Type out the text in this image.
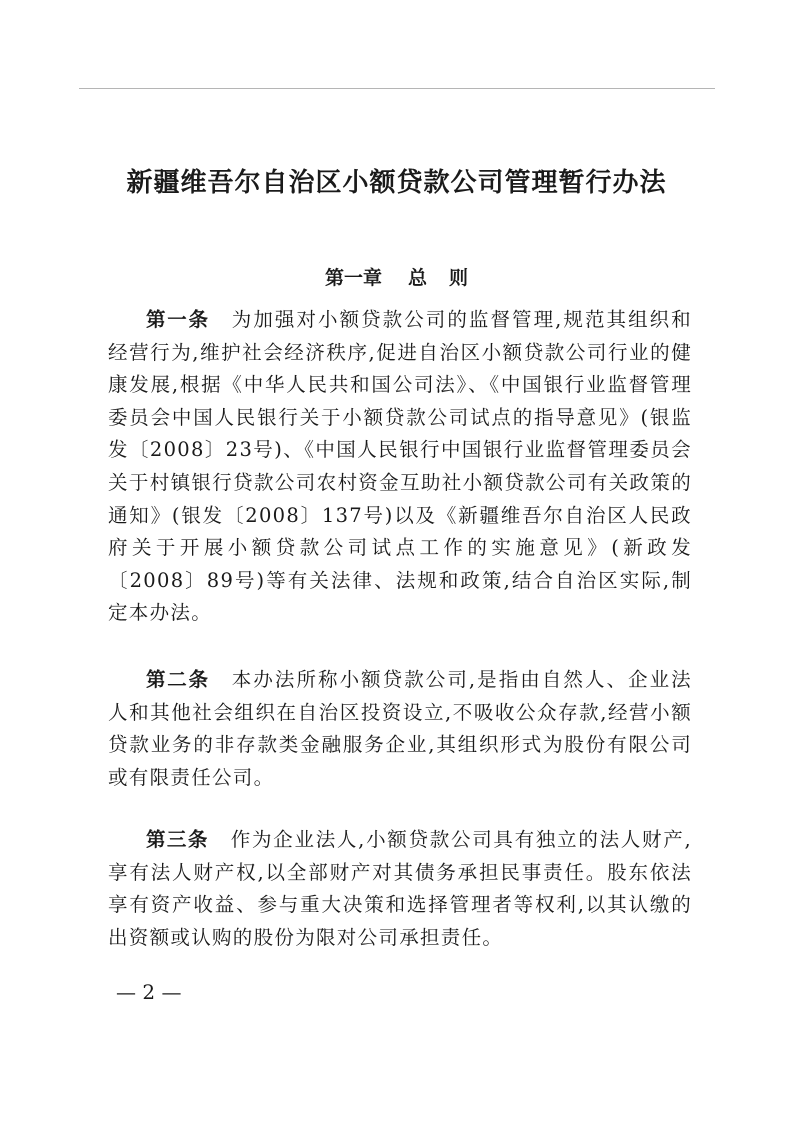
新疆维吾尔自治区小额贷款公司管理暂行办法
第一章 总 则

第一条 为加强对小额贷款公司的监督管理,规范其组织和经营行为,维护社会经济秩序,促进自治区小额贷款公司行业的健康发展,根据《中华人民共和国公司法》、《中国银行业监督管理委员会中国人民银行关于小额贷款公司试点的指导意见》(银监发〔2008〕23号)、《中国人民银行中国银行业监督管理委员会关于村镇银行贷款公司农村资金互助社小额贷款公司有关政策的通知》(银发〔2008〕137号)以及《新疆维吾尔自治区人民政府关于开展小额贷款公司试点工作的实施意见》(新政发〔2008〕89号)等有关法律、法规和政策,结合自治区实际,制定本办法。

第二条 本办法所称小额贷款公司,是指由自然人、企业法人和其他社会组织在自治区投资设立,不吸收公众存款,经营小额贷款业务的非存款类金融服务企业,其组织形式为股份有限公司或有限责任公司。

第三条 作为企业法人,小额贷款公司具有独立的法人财产,享有法人财产权,以全部财产对其债务承担民事责任。股东依法享有资产收益、参与重大决策和选择管理者等权利,以其认缴的出资额或认购的股份为限对公司承担责任。

— 2 —
